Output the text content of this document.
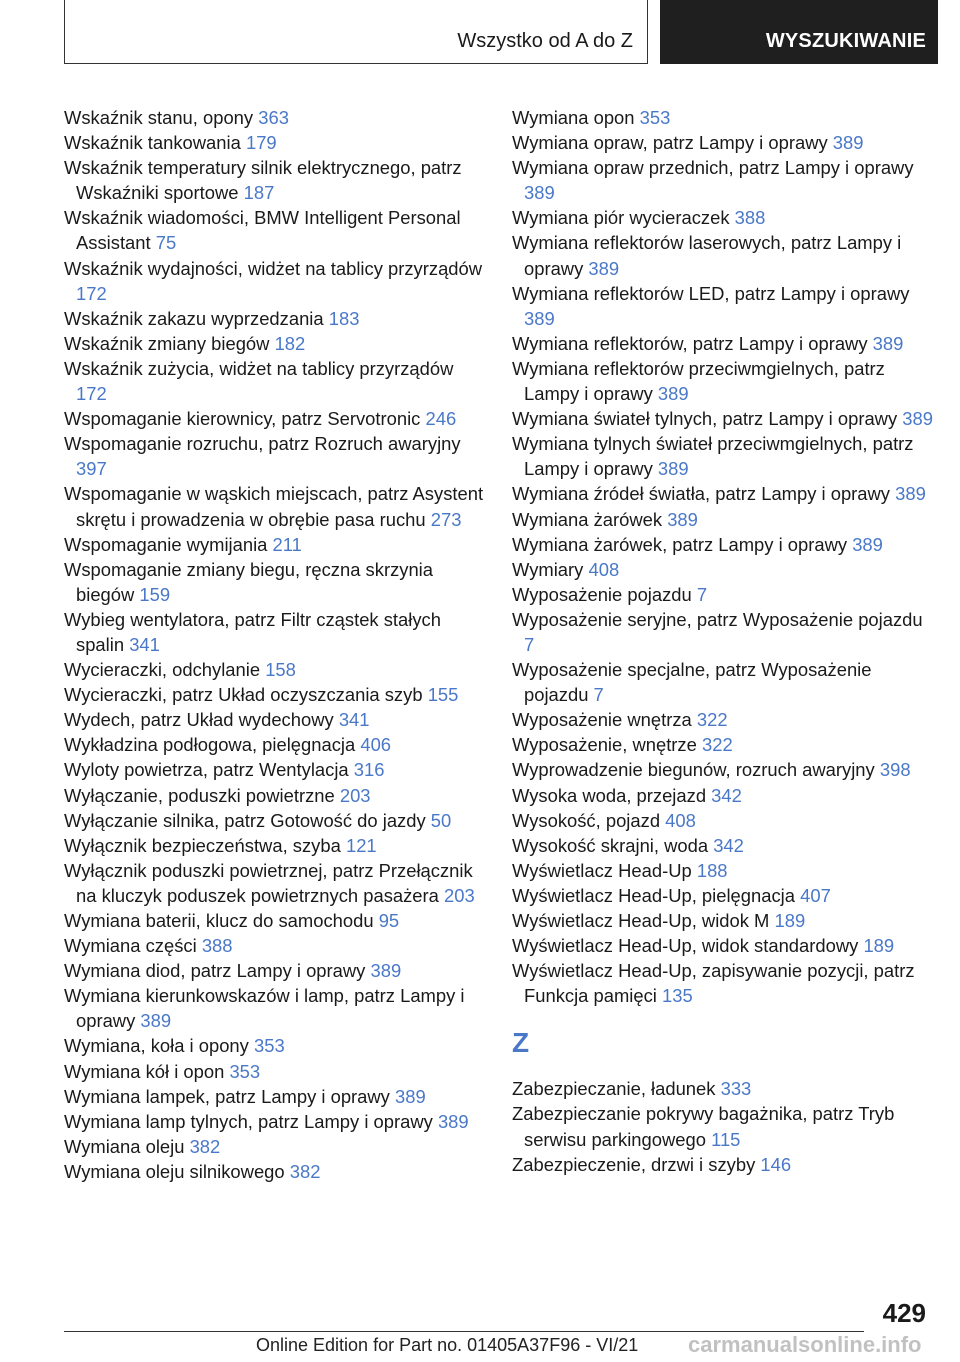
Wszystko od A do Z	WYSZUKIWANIE
Wskaźnik stanu, opony 363
Wskaźnik tankowania 179
Wskaźnik temperatury silnik elektrycznego, patrz Wskaźniki sportowe 187
Wskaźnik wiadomości, BMW Intelligent Personal Assistant 75
Wskaźnik wydajności, widżet na tablicy przyrządów 172
Wskaźnik zakazu wyprzedzania 183
Wskaźnik zmiany biegów 182
Wskaźnik zużycia, widżet na tablicy przyrządów 172
Wspomaganie kierownicy, patrz Servotronic 246
Wspomaganie rozruchu, patrz Rozruch awaryjny 397
Wspomaganie w wąskich miejscach, patrz Asystent skrętu i prowadzenia w obrębie pasa ruchu 273
Wspomaganie wymijania 211
Wspomaganie zmiany biegu, ręczna skrzynia biegów 159
Wybieg wentylatora, patrz Filtr cząstek stałych spalin 341
Wycieraczki, odchylanie 158
Wycieraczki, patrz Układ oczyszczania szyb 155
Wydech, patrz Układ wydechowy 341
Wykładzina podłogowa, pielęgnacja 406
Wyloty powietrza, patrz Wentylacja 316
Wyłączanie, poduszki powietrzne 203
Wyłączanie silnika, patrz Gotowość do jazdy 50
Wyłącznik bezpieczeństwa, szyba 121
Wyłącznik poduszki powietrznej, patrz Przełącznik na kluczyk poduszek powietrznych pasażera 203
Wymiana baterii, klucz do samochodu 95
Wymiana części 388
Wymiana diod, patrz Lampy i oprawy 389
Wymiana kierunkowskazów i lamp, patrz Lampy i oprawy 389
Wymiana, koła i opony 353
Wymiana kół i opon 353
Wymiana lampek, patrz Lampy i oprawy 389
Wymiana lamp tylnych, patrz Lampy i oprawy 389
Wymiana oleju 382
Wymiana oleju silnikowego 382
Wymiana opon 353
Wymiana opraw, patrz Lampy i oprawy 389
Wymiana opraw przednich, patrz Lampy i oprawy 389
Wymiana piór wycieraczek 388
Wymiana reflektorów laserowych, patrz Lampy i oprawy 389
Wymiana reflektorów LED, patrz Lampy i oprawy 389
Wymiana reflektorów, patrz Lampy i oprawy 389
Wymiana reflektorów przeciwmgielnych, patrz Lampy i oprawy 389
Wymiana świateł tylnych, patrz Lampy i oprawy 389
Wymiana tylnych świateł przeciwmgielnych, patrz Lampy i oprawy 389
Wymiana źródeł światła, patrz Lampy i oprawy 389
Wymiana żarówek 389
Wymiana żarówek, patrz Lampy i oprawy 389
Wymiary 408
Wyposażenie pojazdu 7
Wyposażenie seryjne, patrz Wyposażenie pojazdu 7
Wyposażenie specjalne, patrz Wyposażenie pojazdu 7
Wyposażenie wnętrza 322
Wyposażenie, wnętrze 322
Wyprowadzenie biegunów, rozruch awaryjny 398
Wysoka woda, przejazd 342
Wysokość, pojazd 408
Wysokość skrajni, woda 342
Wyświetlacz Head-Up 188
Wyświetlacz Head-Up, pielęgnacja 407
Wyświetlacz Head-Up, widok M 189
Wyświetlacz Head-Up, widok standardowy 189
Wyświetlacz Head-Up, zapisywanie pozycji, patrz Funkcja pamięci 135
Z
Zabezpieczanie, ładunek 333
Zabezpieczanie pokrywy bagażnika, patrz Tryb serwisu parkingowego 115
Zabezpieczenie, drzwi i szyby 146
429
Online Edition for Part no. 01405A37F96 - VI/21 carmanualsonline.info
